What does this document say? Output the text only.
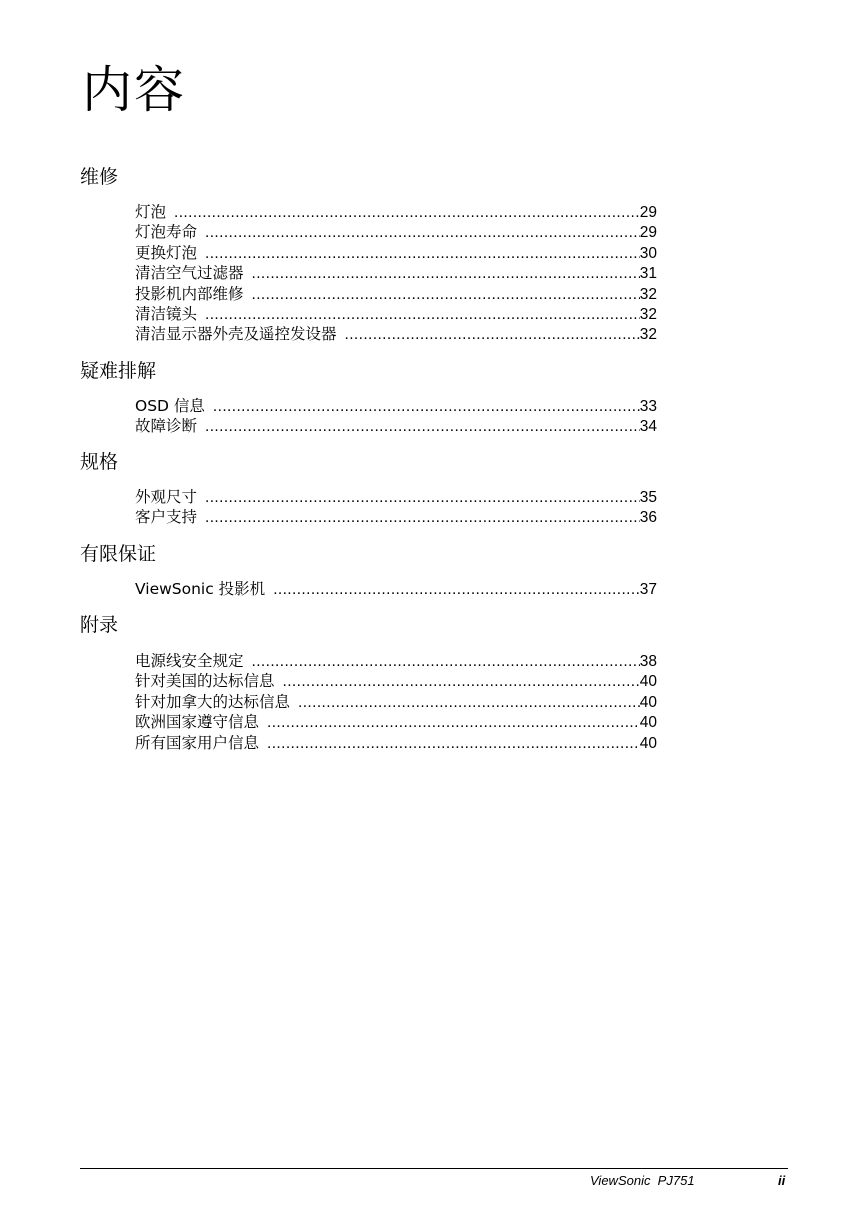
内容
维修
灯泡 .....	29
灯泡寿命 .....	29
更换灯泡 .....	30
清洁空气过滤器 .....	31
投影机内部维修 .....	32
清洁镜头 .....	32
清洁显示器外壳及遥控发设器 .....	32
疑难排解
OSD 信息 .....	33
故障诊断 .....	34
规格
外观尺寸 .....	35
客户支持 .....	36
有限保证
ViewSonic 投影机 .....	37
附录
电源线安全规定 .....	38
针对美国的达标信息 .....	40
针对加拿大的达标信息 .....	40
欧洲国家遵守信息 .....	40
所有国家用户信息 .....	40
ViewSonic  PJ751	ii
